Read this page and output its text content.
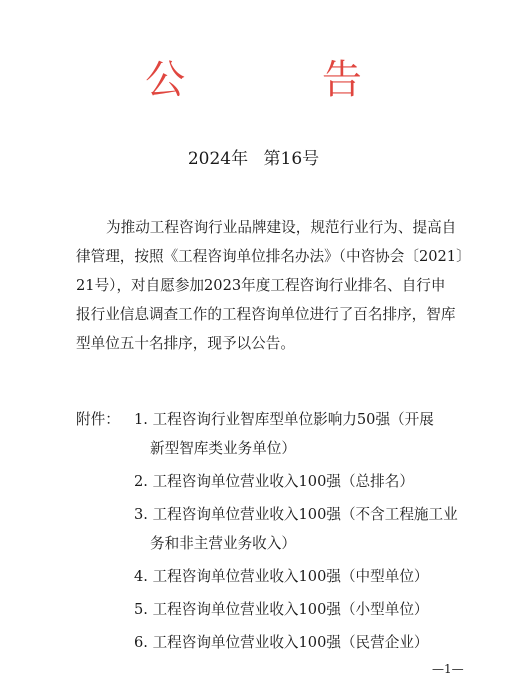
公 告
2024年 第16号
为推动工程咨询行业品牌建设，规范行业行为、提高自
律管理，按照《工程咨询单位排名办法》（中咨协会〔2021〕
21号），对自愿参加2023年度工程咨询行业排名、自行申
报行业信息调查工作的工程咨询单位进行了百名排序，智库
型单位五十名排序，现予以公告。
附件： 1. 工程咨询行业智库型单位影响力50强（开展
新型智库类业务单位）
2. 工程咨询单位营业收入100强（总排名）
3. 工程咨询单位营业收入100强（不含工程施工业
务和非主营业务收入）
4. 工程咨询单位营业收入100强（中型单位）
5. 工程咨询单位营业收入100强（小型单位）
6. 工程咨询单位营业收入100强（民营企业）
—1—
